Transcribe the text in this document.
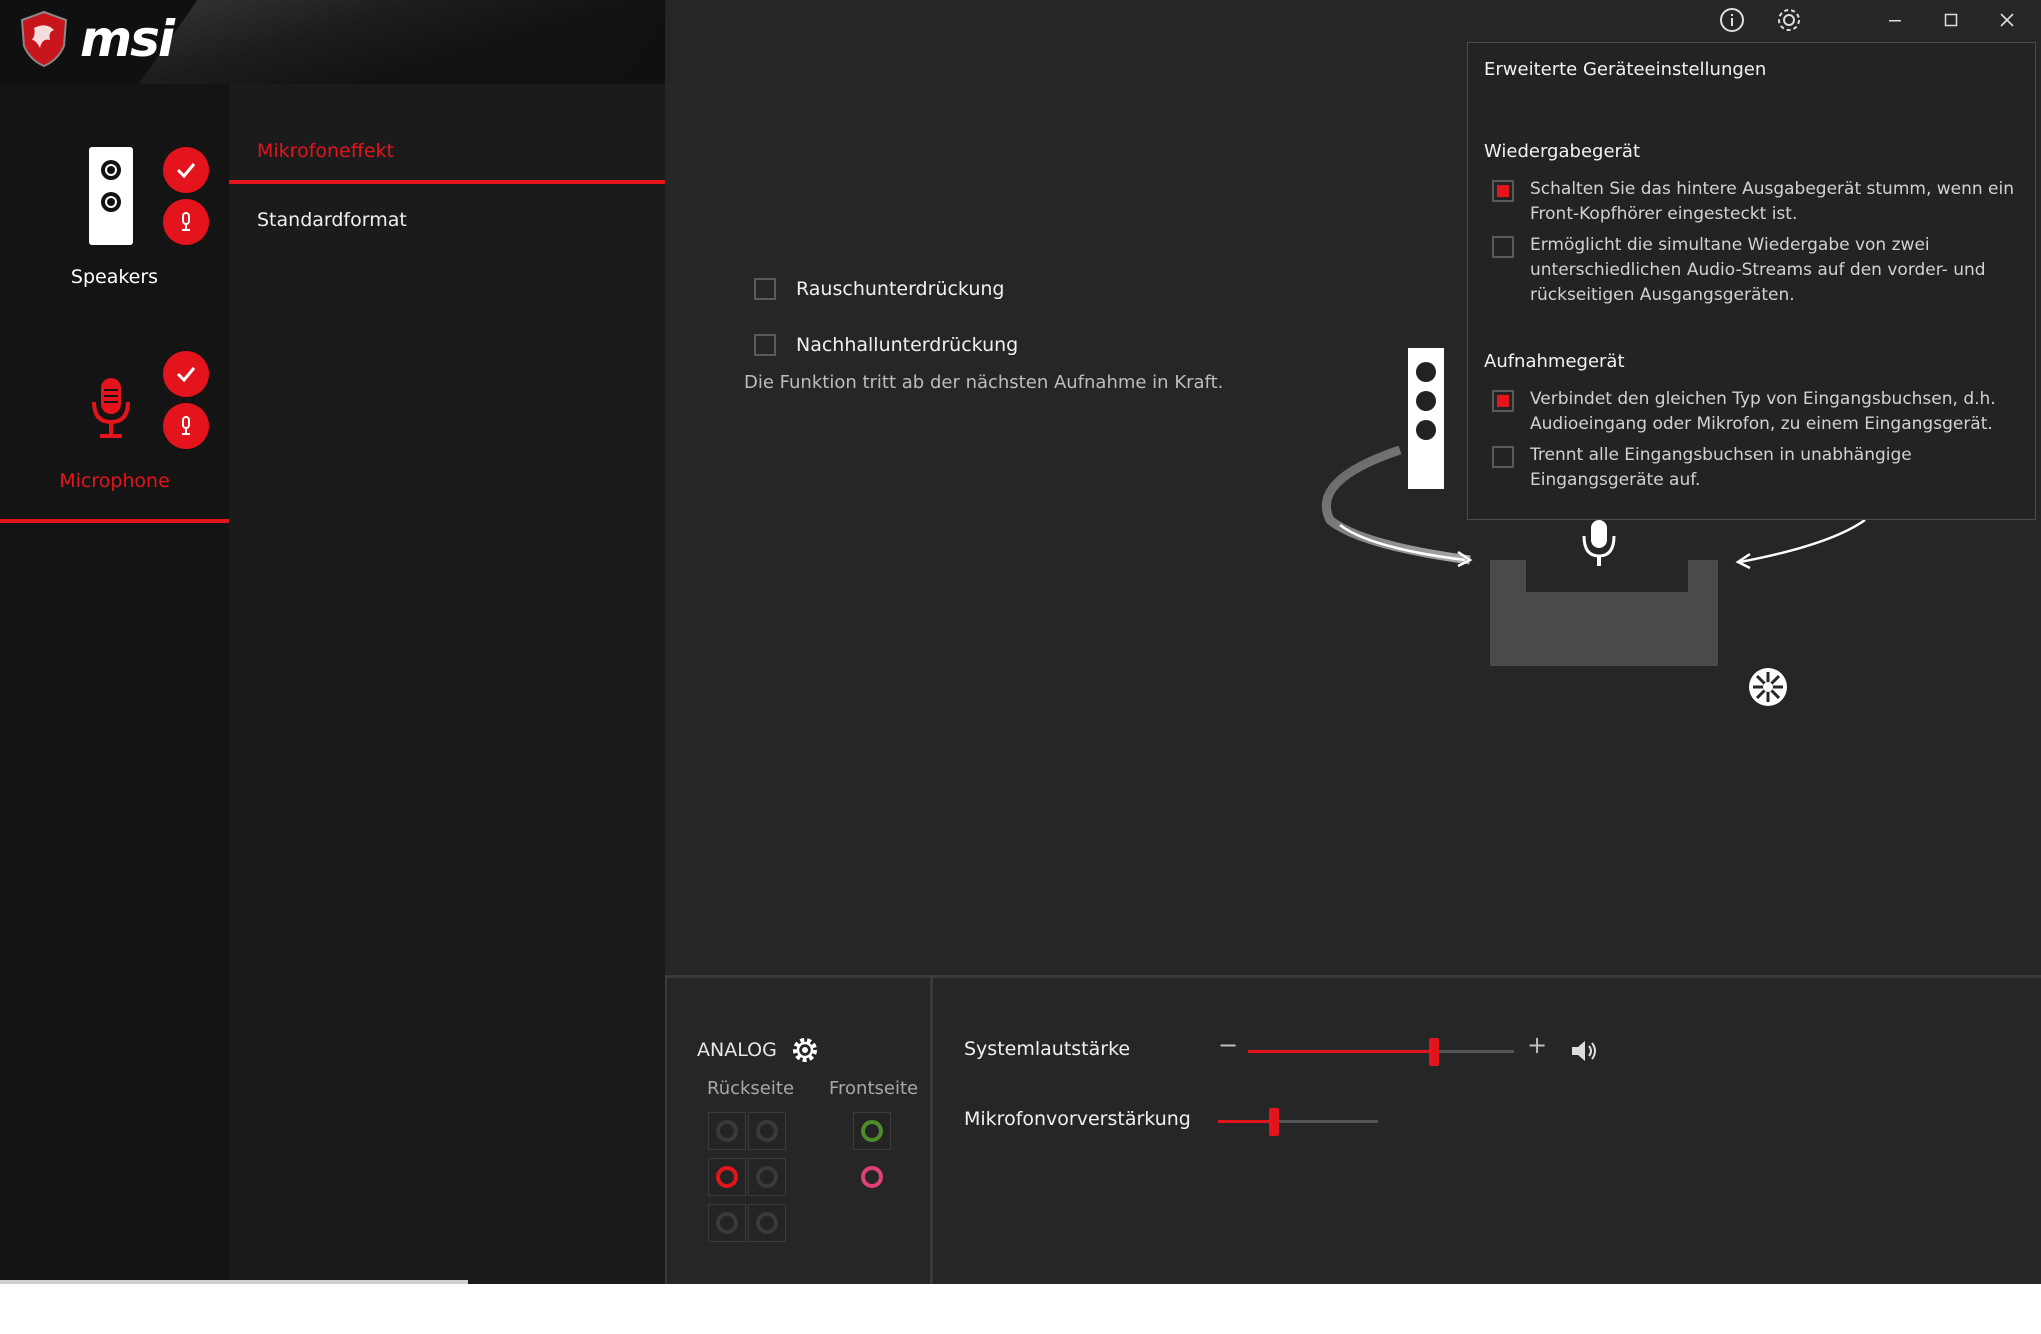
msi
Speakers
Microphone
Mikrofoneffekt
Standardformat
Rauschunterdrückung
Nachhallunterdrückung
Die Funktion tritt ab der nächsten Aufnahme in Kraft.
Erweiterte Geräteeinstellungen
Wiedergabegerät
Schalten Sie das hintere Ausgabegerät stumm, wenn ein Front-Kopfhörer eingesteckt ist.
Ermöglicht die simultane Wiedergabe von zwei unterschiedlichen Audio-Streams auf den vorder- und rückseitigen Ausgangsgeräten.
Aufnahmegerät
Verbindet den gleichen Typ von Eingangsbuchsen, d.h. Audioeingang oder Mikrofon, zu einem Eingangsgerät.
Trennt alle Eingangsbuchsen in unabhängige Eingangsgeräte auf.
ANALOG
Rückseite Frontseite
Systemlautstärke	−	+
Mikrofonvorverstärkung
